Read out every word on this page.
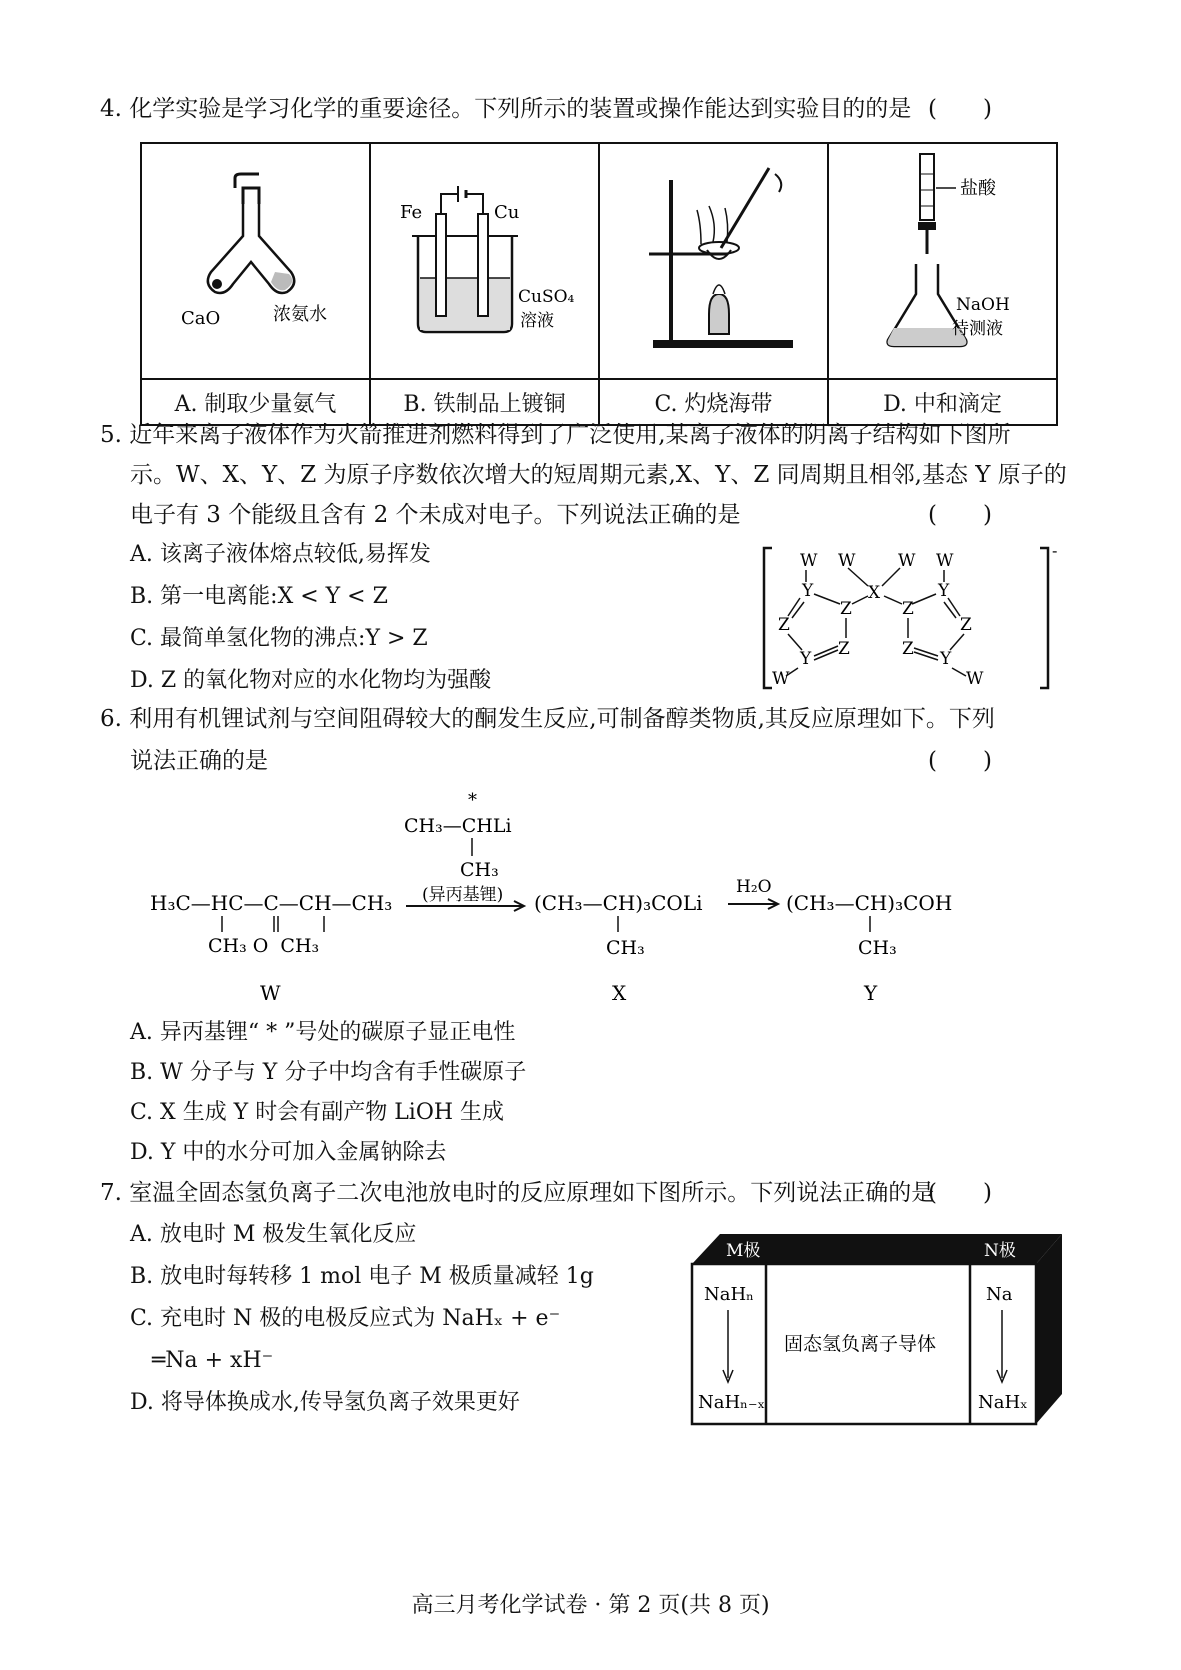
4. 化学实验是学习化学的重要途径。下列所示的装置或操作能达到实验目的的是 (　　)
CaO 浓氨水	Fe Cu
CuSO₄
溶液		盐酸
NaOH
待测液

A. 制取少量氨气	B. 铁制品上镀铜	C. 灼烧海带	D. 中和滴定
5. 近年来离子液体作为火箭推进剂燃料得到了广泛使用,某离子液体的阴离子结构如下图所
示。W、X、Y、Z 为原子序数依次增大的短周期元素,X、Y、Z 同周期且相邻,基态 Y 原子的
电子有 3 个能级且含有 2 个未成对电子。下列说法正确的是	(　　)
A. 该离子液体熔点较低,易挥发
B. 第一电离能:X < Y < Z
C. 最简单氢化物的沸点:Y > Z
D. Z 的氧化物对应的水化物均为强酸
-
W W	W W
X
Y
Z
Z
Z
Y
W
Y
Z
Z
Z Y
W
6. 利用有机锂试剂与空间阻碍较大的酮发生反应,可制备醇类物质,其反应原理如下。下列
说法正确的是	(　　)
*
CH₃—CHLi
CH₃
(异丙基锂)
H₃C—HC—C—CH—CH₃
CH₃ O  CH₃
W
(CH₃—CH)₃COLi
CH₃
X
H₂O
(CH₃—CH)₃COH
CH₃
Y
A. 异丙基锂“ * ”号处的碳原子显正电性
B. W 分子与 Y 分子中均含有手性碳原子
C. X 生成 Y 时会有副产物 LiOH 生成
D. Y 中的水分可加入金属钠除去
7. 室温全固态氢负离子二次电池放电时的反应原理如下图所示。下列说法正确的是
(　　)
A. 放电时 M 极发生氧化反应
B. 放电时每转移 1 mol 电子 M 极质量减轻 1g
C. 充电时 N 极的电极反应式为 NaHₓ + e⁻
═Na + xH⁻
D. 将导体换成水,传导氢负离子效果更好
M极	N极
NaHₙ
NaHₙ₋ₓ
固态氢负离子导体
Na
NaHₓ
高三月考化学试卷 · 第 2 页(共 8 页)
